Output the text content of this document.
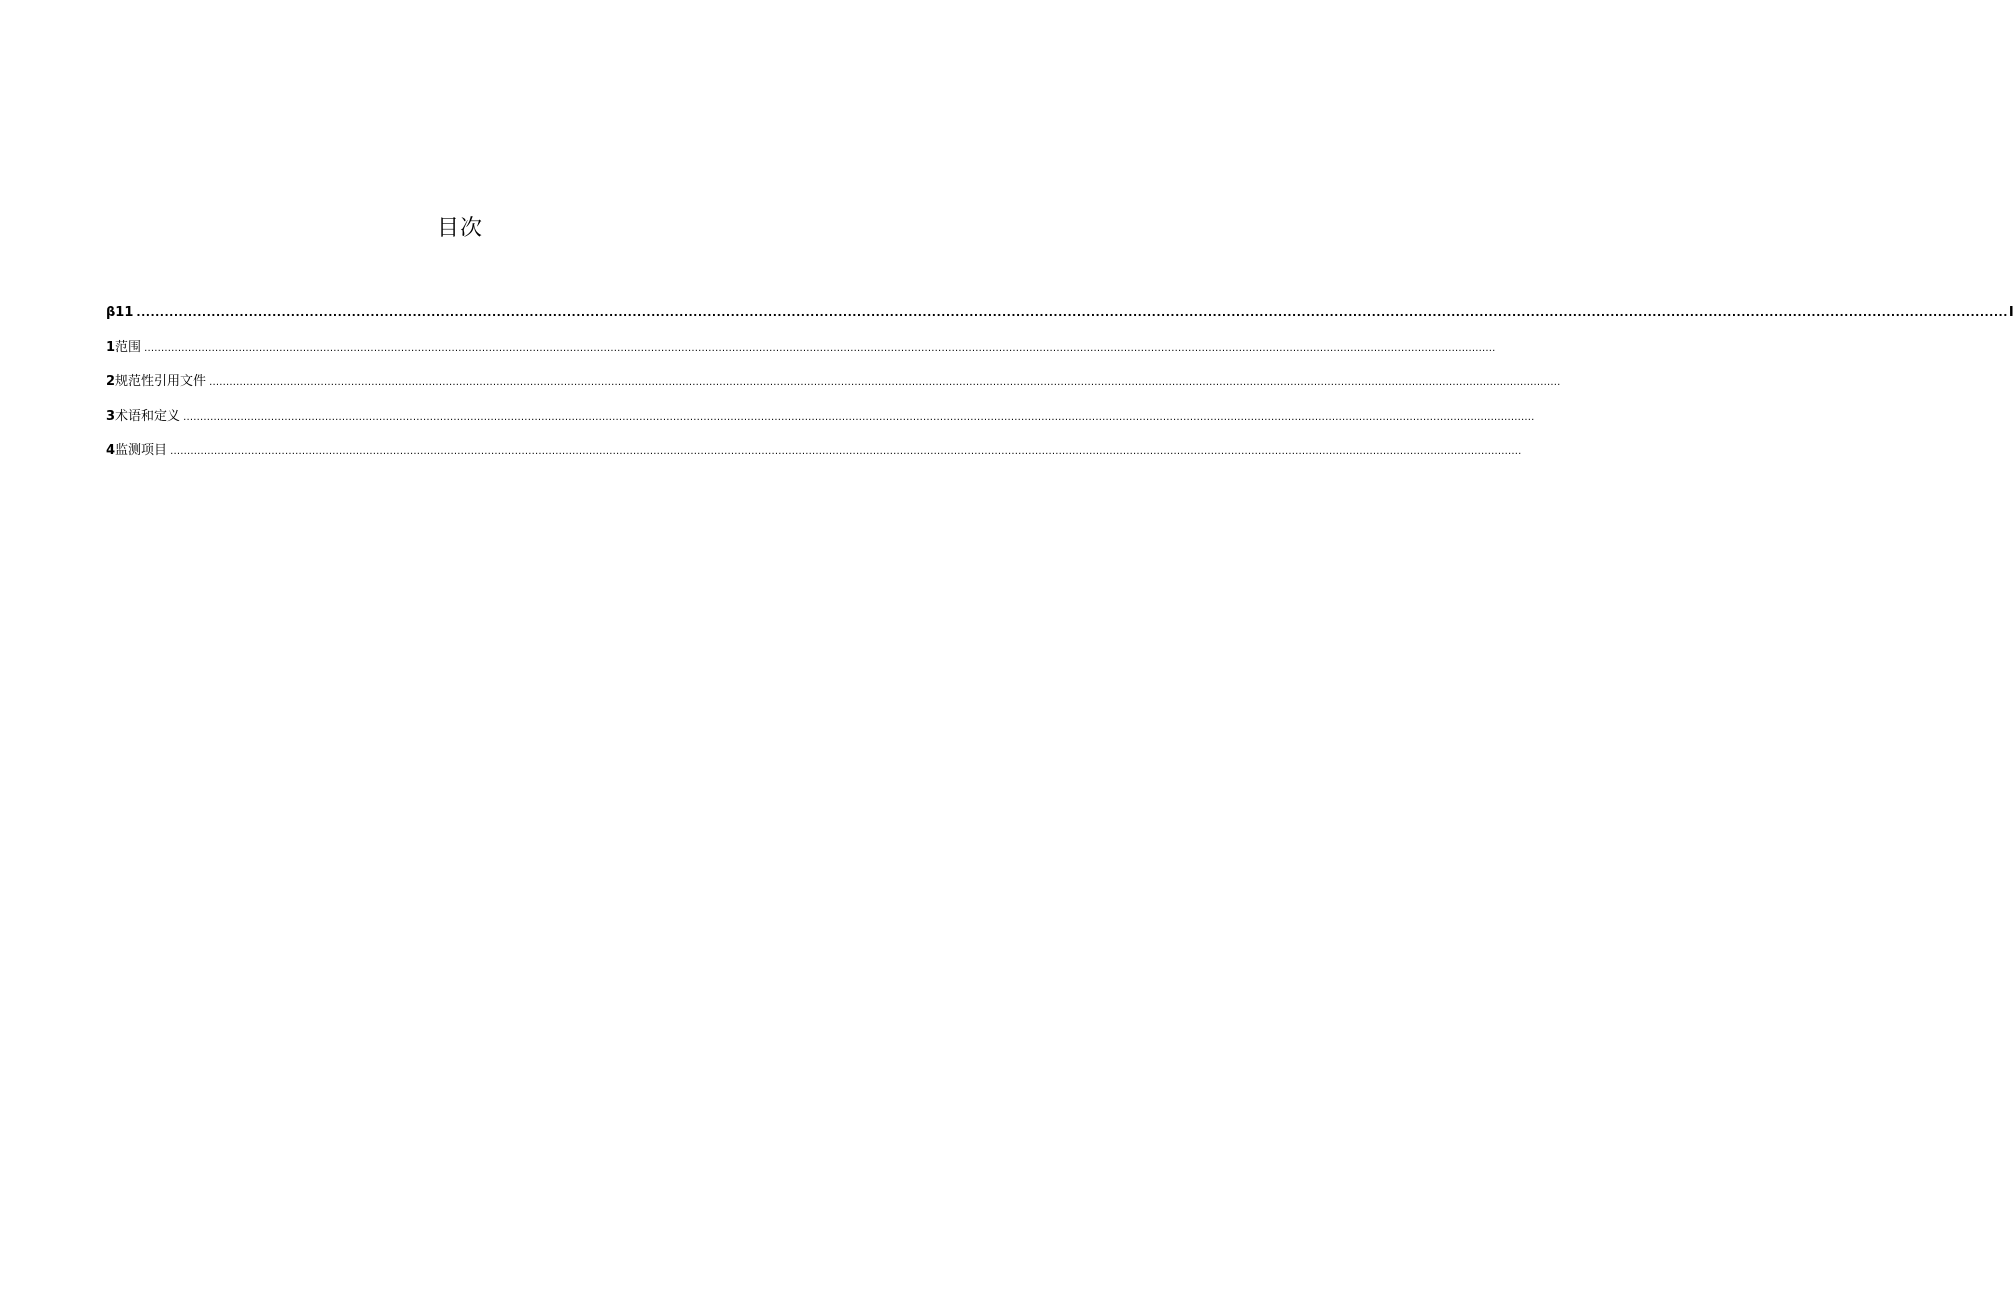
目次
β11 ................................................................................................................................................................................................................................................................................................................................................................................................................ I
1 范围 ................................................................................................................................................................................................................................................................................................................................................................................................................
2 规范性引用文件 ................................................................................................................................................................................................................................................................................................................................................................................................................
3 术语和定义 ................................................................................................................................................................................................................................................................................................................................................................................................................
4 监测项目 ................................................................................................................................................................................................................................................................................................................................................................................................................
